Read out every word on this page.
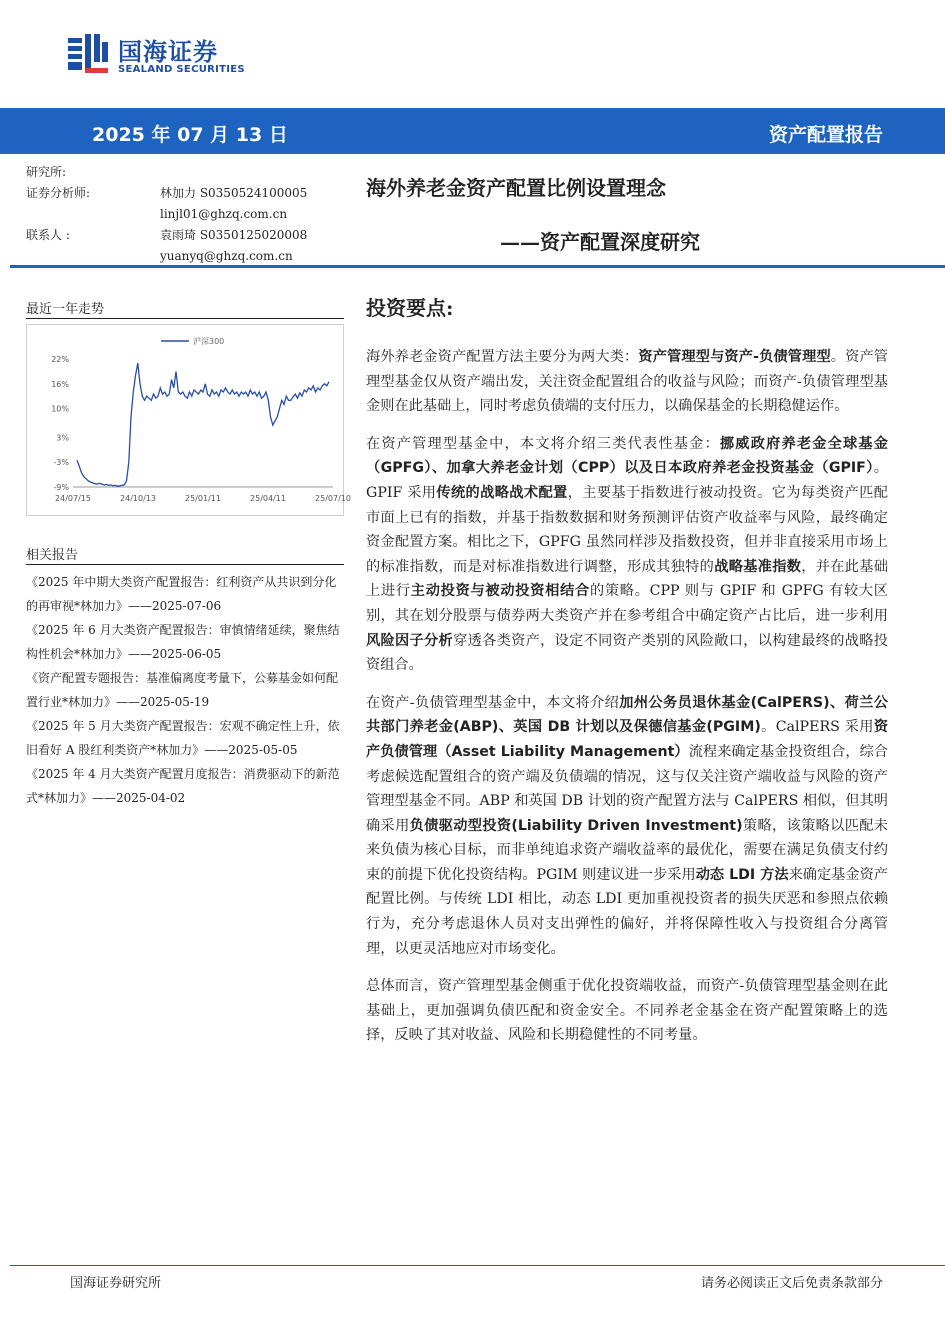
国海证券
SEALAND SECURITIES
2025 年 07 月 13 日	资产配置报告
研究所:
证券分析师:	林加力 S0350524100005
linjl01@ghzq.com.cn
联系人 :	袁雨琦 S0350125020008
yuanyq@ghzq.com.cn
海外养老金资产配置比例设置理念
——资产配置深度研究
最近一年走势
沪深300
22%
16%
10%
3%
-3%
-9%
24/07/15	24/10/13	25/01/11	25/04/11	25/07/10
相关报告
《2025 年中期大类资产配置报告：红利资产从共识到分化的再审视*林加力》——2025-07-06
《2025 年 6 月大类资产配置报告：审慎情绪延续，聚焦结构性机会*林加力》——2025-06-05
《资产配置专题报告：基准偏离度考量下，公募基金如何配置行业*林加力》——2025-05-19
《2025 年 5 月大类资产配置报告：宏观不确定性上升，依旧看好 A 股红利类资产*林加力》——2025-05-05
《2025 年 4 月大类资产配置月度报告：消费驱动下的新范式*林加力》——2025-04-02
投资要点:

海外养老金资产配置方法主要分为两大类：资产管理型与资产-负债管理型。资产管理型基金仅从资产端出发，关注资金配置组合的收益与风险；而资产-负债管理型基金则在此基础上，同时考虑负债端的支付压力，以确保基金的长期稳健运作。

在资产管理型基金中，本文将介绍三类代表性基金：挪威政府养老金全球基金（GPFG）、加拿大养老金计划（CPP）以及日本政府养老金投资基金（GPIF）。GPIF 采用传统的战略战术配置，主要基于指数进行被动投资。它为每类资产匹配市面上已有的指数，并基于指数数据和财务预测评估资产收益率与风险，最终确定资金配置方案。相比之下，GPFG 虽然同样涉及指数投资，但并非直接采用市场上的标准指数，而是对标准指数进行调整，形成其独特的战略基准指数，并在此基础上进行主动投资与被动投资相结合的策略。CPP 则与 GPIF 和 GPFG 有较大区别，其在划分股票与债券两大类资产并在参考组合中确定资产占比后，进一步利用风险因子分析穿透各类资产，设定不同资产类别的风险敞口，以构建最终的战略投资组合。

在资产-负债管理型基金中，本文将介绍加州公务员退休基金(CalPERS)、荷兰公共部门养老金(ABP)、英国 DB 计划以及保德信基金(PGIM)。CalPERS 采用资产负债管理（Asset Liability Management）流程来确定基金投资组合，综合考虑候选配置组合的资产端及负债端的情况，这与仅关注资产端收益与风险的资产管理型基金不同。ABP 和英国 DB 计划的资产配置方法与 CalPERS 相似，但其明确采用负债驱动型投资(Liability Driven Investment)策略，该策略以匹配未来负债为核心目标，而非单纯追求资产端收益率的最优化，需要在满足负债支付约束的前提下优化投资结构。PGIM 则建议进一步采用动态 LDI 方法来确定基金资产配置比例。与传统 LDI 相比，动态 LDI 更加重视投资者的损失厌恶和参照点依赖行为，充分考虑退休人员对支出弹性的偏好，并将保障性收入与投资组合分离管理，以更灵活地应对市场变化。

总体而言，资产管理型基金侧重于优化投资端收益，而资产-负债管理型基金则在此基础上，更加强调负债匹配和资金安全。不同养老金基金在资产配置策略上的选择，反映了其对收益、风险和长期稳健性的不同考量。

国海证券研究所	请务必阅读正文后免责条款部分
